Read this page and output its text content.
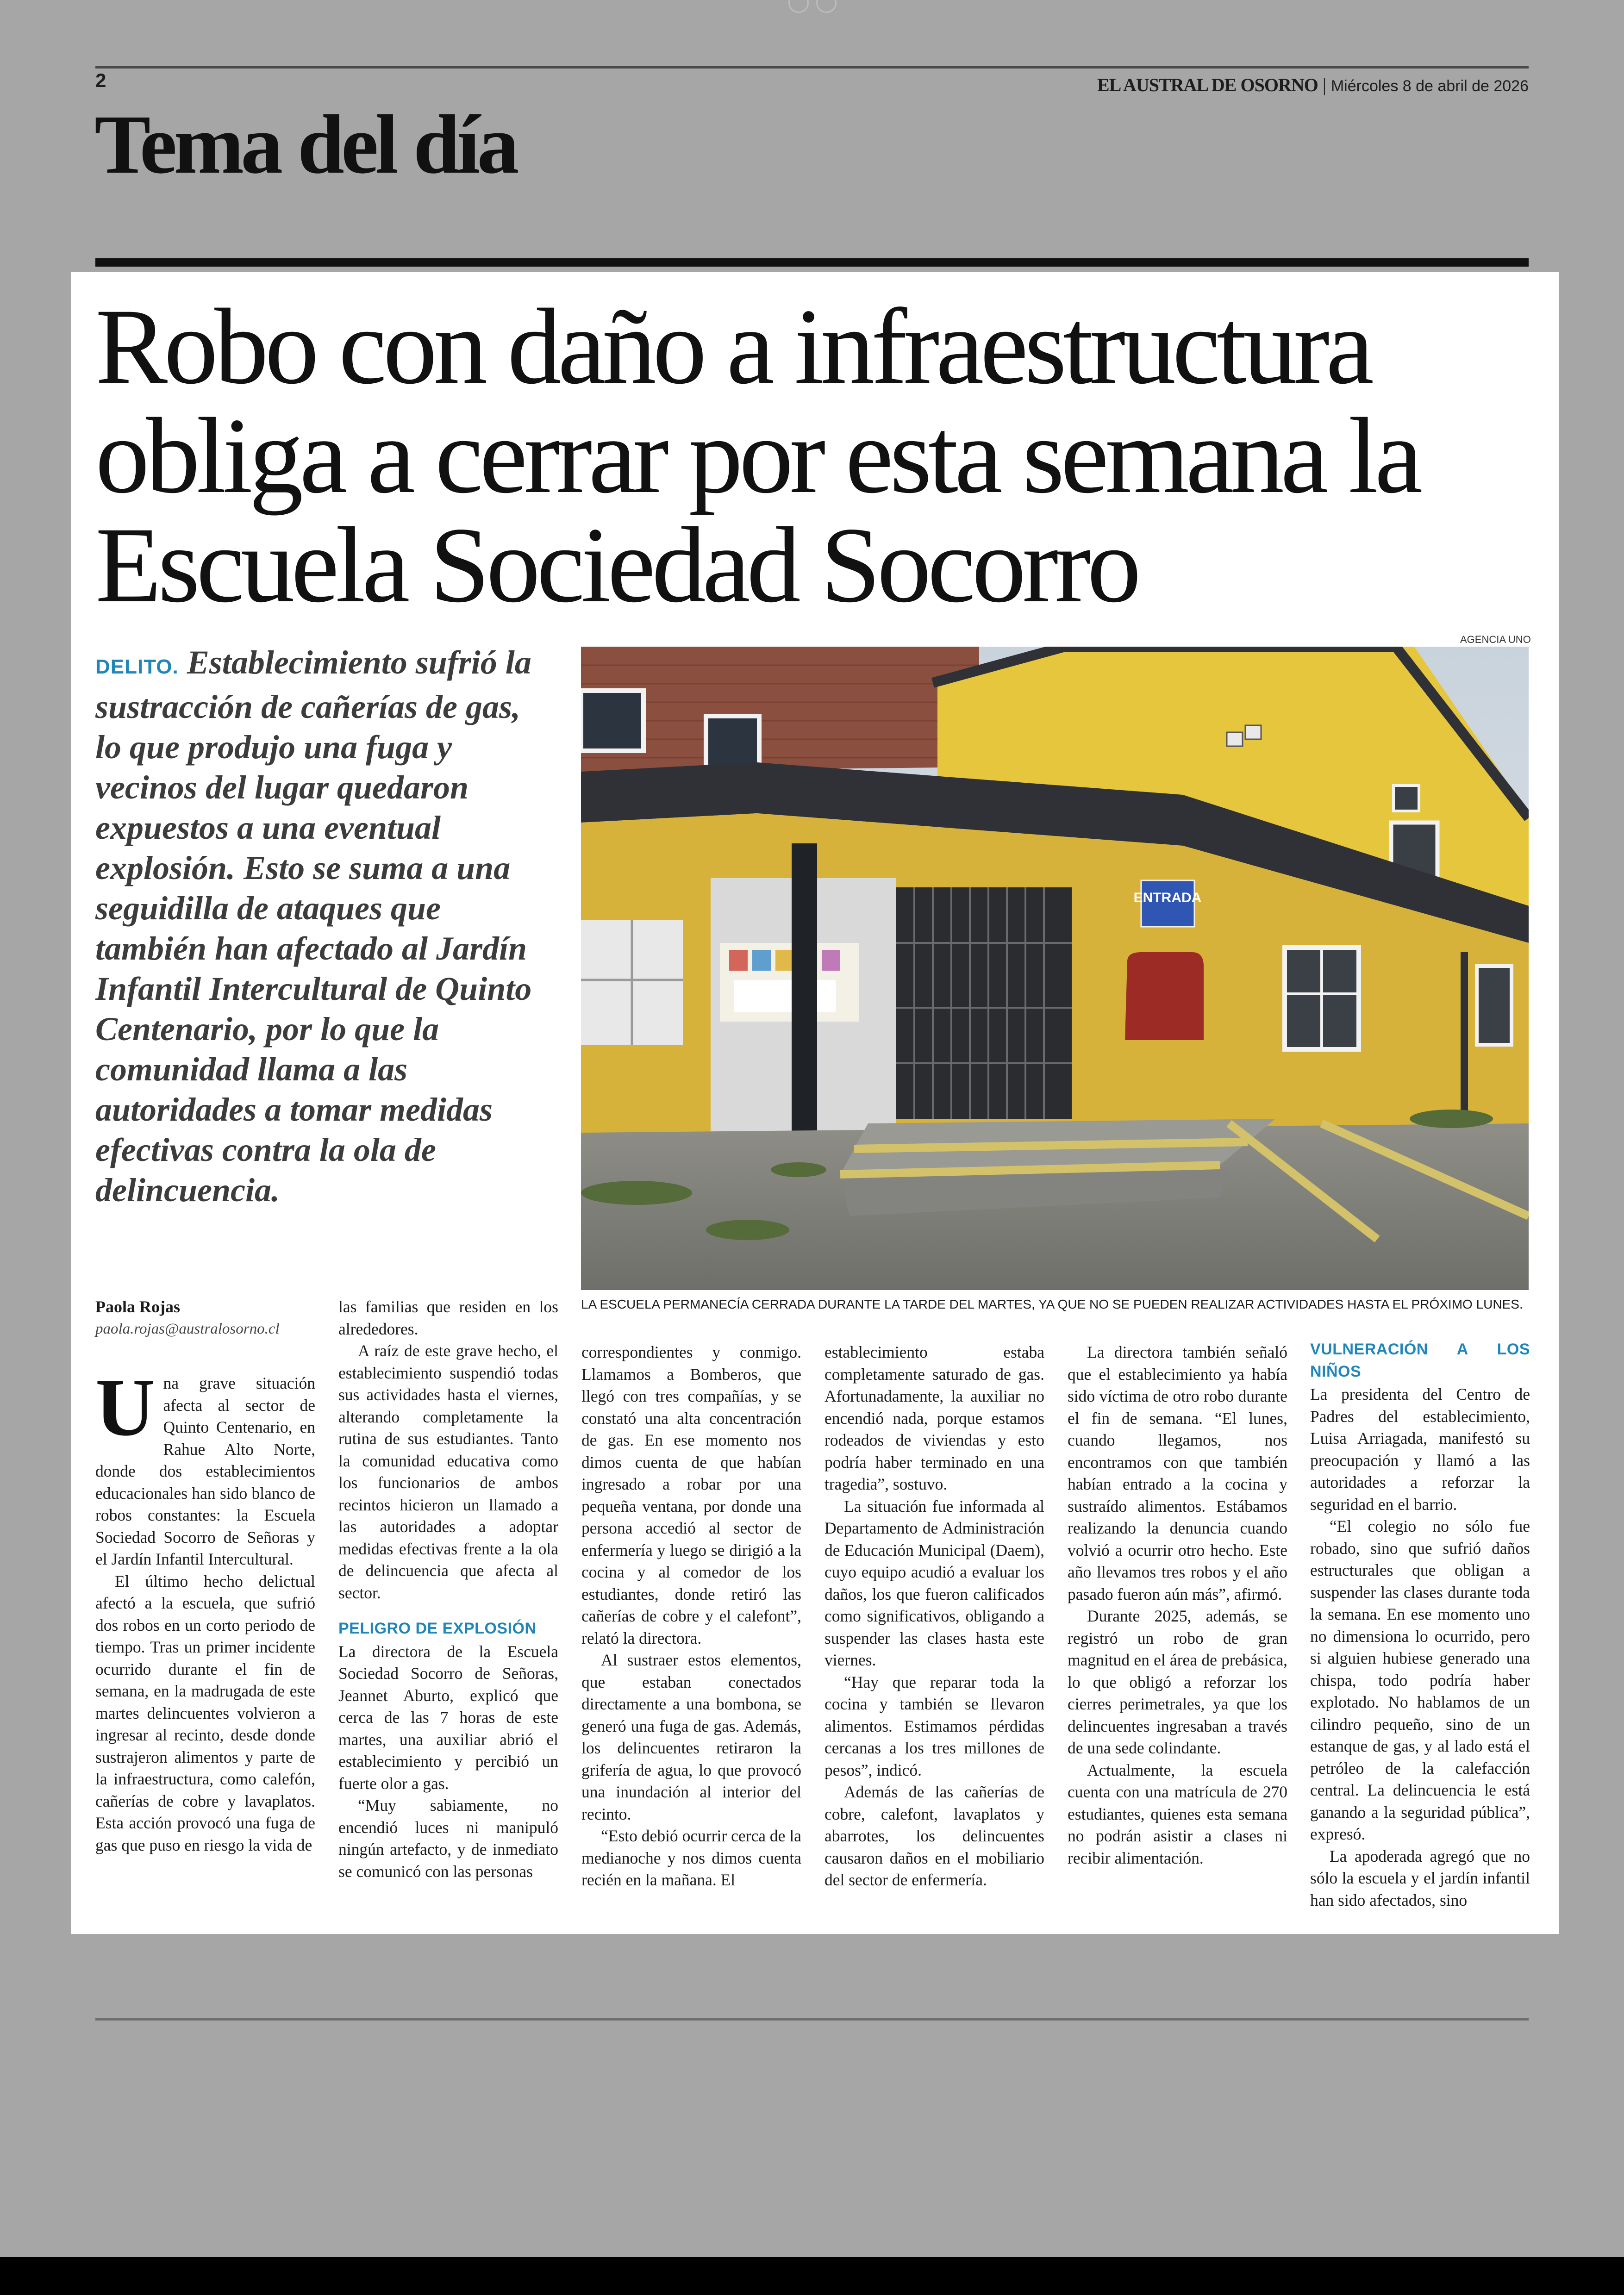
2	EL AUSTRAL DE OSORNO | Miércoles 8 de abril de 2026
Tema del día
Robo con daño a infraestructura obliga a cerrar por esta semana la Escuela Sociedad Socorro
DELITO. Establecimiento sufrió la sustracción de cañerías de gas, lo que produjo una fuga y vecinos del lugar quedaron expuestos a una eventual explosión. Esto se suma a una seguidilla de ataques que también han afectado al Jardín Infantil Intercultural de Quinto Centenario, por lo que la comunidad llama a las autoridades a tomar medidas efectivas contra la ola de delincuencia.
AGENCIA UNO
ENTRADA
LA ESCUELA PERMANECÍA CERRADA DURANTE LA TARDE DEL MARTES, YA QUE NO SE PUEDEN REALIZAR ACTIVIDADES HASTA EL PRÓXIMO LUNES.
Paola Rojas
paola.rojas@australosorno.cl

Una grave situación afecta al sector de Quinto Centenario, en Rahue Alto Norte, donde dos establecimientos educacionales han sido blanco de robos constantes: la Escuela Sociedad Socorro de Señoras y el Jardín Infantil Intercultural.

El último hecho delictual afectó a la escuela, que sufrió dos robos en un corto periodo de tiempo. Tras un primer incidente ocurrido durante el fin de semana, en la madrugada de este martes delincuentes volvieron a ingresar al recinto, desde donde sustrajeron alimentos y parte de la infraestructura, como calefón, cañerías de cobre y lavaplatos. Esta acción provocó una fuga de gas que puso en riesgo la vida de

las familias que residen en los alrededores.

A raíz de este grave hecho, el establecimiento suspendió todas sus actividades hasta el viernes, alterando completamente la rutina de sus estudiantes. Tanto la comunidad educativa como los funcionarios de ambos recintos hicieron un llamado a las autoridades a adoptar medidas efectivas frente a la ola de delincuencia que afecta al sector.

PELIGRO DE EXPLOSIÓN

La directora de la Escuela Sociedad Socorro de Señoras, Jeannet Aburto, explicó que cerca de las 7 horas de este martes, una auxiliar abrió el establecimiento y percibió un fuerte olor a gas.

“Muy sabiamente, no encendió luces ni manipuló ningún artefacto, y de inmediato se comunicó con las personas

correspondientes y conmigo. Llamamos a Bomberos, que llegó con tres compañías, y se constató una alta concentración de gas. En ese momento nos dimos cuenta de que habían ingresado a robar por una pequeña ventana, por donde una persona accedió al sector de enfermería y luego se dirigió a la cocina y al comedor de los estudiantes, donde retiró las cañerías de cobre y el calefont”, relató la directora.

Al sustraer estos elementos, que estaban conectados directamente a una bombona, se generó una fuga de gas. Además, los delincuentes retiraron la grifería de agua, lo que provocó una inundación al interior del recinto.

“Esto debió ocurrir cerca de la medianoche y nos dimos cuenta recién en la mañana. El

establecimiento estaba completamente saturado de gas. Afortunadamente, la auxiliar no encendió nada, porque estamos rodeados de viviendas y esto podría haber terminado en una tragedia”, sostuvo.

La situación fue informada al Departamento de Administración de Educación Municipal (Daem), cuyo equipo acudió a evaluar los daños, los que fueron calificados como significativos, obligando a suspender las clases hasta este viernes.

“Hay que reparar toda la cocina y también se llevaron alimentos. Estimamos pérdidas cercanas a los tres millones de pesos”, indicó.

Además de las cañerías de cobre, calefont, lavaplatos y abarrotes, los delincuentes causaron daños en el mobiliario del sector de enfermería.

La directora también señaló que el establecimiento ya había sido víctima de otro robo durante el fin de semana. “El lunes, cuando llegamos, nos encontramos con que también habían entrado a la cocina y sustraído alimentos. Estábamos realizando la denuncia cuando volvió a ocurrir otro hecho. Este año llevamos tres robos y el año pasado fueron aún más”, afirmó.

Durante 2025, además, se registró un robo de gran magnitud en el área de prebásica, lo que obligó a reforzar los cierres perimetrales, ya que los delincuentes ingresaban a través de una sede colindante.

Actualmente, la escuela cuenta con una matrícula de 270 estudiantes, quienes esta semana no podrán asistir a clases ni recibir alimentación.

VULNERACIÓN A LOS NIÑOS

La presidenta del Centro de Padres del establecimiento, Luisa Arriagada, manifestó su preocupación y llamó a las autoridades a reforzar la seguridad en el barrio.

“El colegio no sólo fue robado, sino que sufrió daños estructurales que obligan a suspender las clases durante toda la semana. En ese momento uno no dimensiona lo ocurrido, pero si alguien hubiese generado una chispa, todo podría haber explotado. No hablamos de un cilindro pequeño, sino de un estanque de gas, y al lado está el petróleo de la calefacción central. La delincuencia le está ganando a la seguridad pública”, expresó.

La apoderada agregó que no sólo la escuela y el jardín infantil han sido afectados, sino
